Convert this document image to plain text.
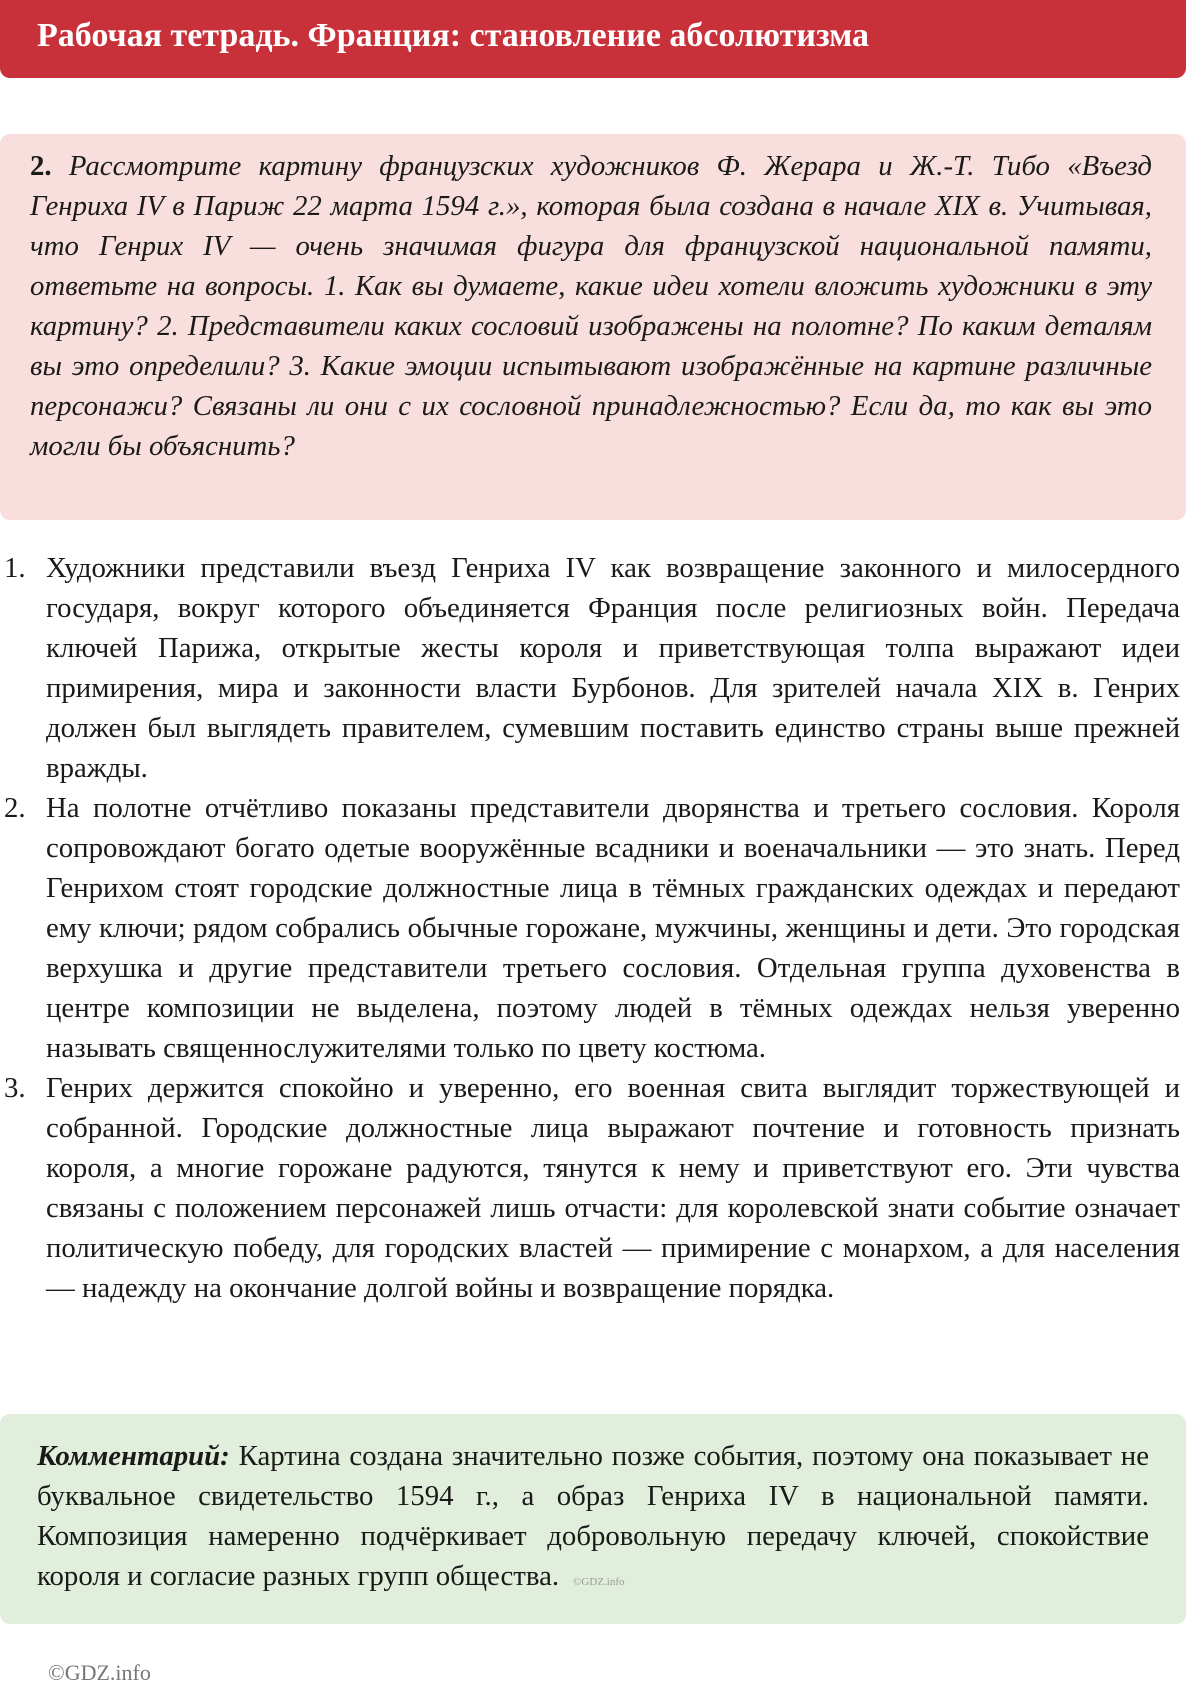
Рабочая тетрадь. Франция: становление абсолютизма
2. Рассмотрите картину французских художников Ф. Жерара и Ж.-Т. Тибо «Въезд Генриха IV в Париж 22 марта 1594 г.», которая была создана в начале XIX в. Учитывая, что Генрих IV — очень значимая фигура для французской национальной памяти, ответьте на вопросы. 1. Как вы думаете, какие идеи хотели вложить художники в эту картину? 2. Представители каких сословий изображены на полотне? По каким деталям вы это определили? 3. Какие эмоции испытывают изображённые на картине различные персонажи? Связаны ли они с их сословной принадлежностью? Если да, то как вы это могли бы объяснить?
1. Художники представили въезд Генриха IV как возвращение законного и милосердного государя, вокруг которого объединяется Франция после религиозных войн. Передача ключей Парижа, открытые жесты короля и приветствующая толпа выражают идеи примирения, мира и законности власти Бурбонов. Для зрителей начала XIX в. Генрих должен был выглядеть правителем, сумевшим поставить единство страны выше прежней вражды.
2. На полотне отчётливо показаны представители дворянства и третьего сословия. Короля сопровождают богато одетые вооружённые всадники и военачальники — это знать. Перед Генрихом стоят городские должностные лица в тёмных гражданских одеждах и передают ему ключи; рядом собрались обычные горожане, мужчины, женщины и дети. Это городская верхушка и другие представители третьего сословия. Отдельная группа духовенства в центре композиции не выделена, поэтому людей в тёмных одеждах нельзя уверенно называть священнослужителями только по цвету костюма.
3. Генрих держится спокойно и уверенно, его военная свита выглядит торжествующей и собранной. Городские должностные лица выражают почтение и готовность признать короля, а многие горожане радуются, тянутся к нему и приветствуют его. Эти чувства связаны с положением персонажей лишь отчасти: для королевской знати событие означает политическую победу, для городских властей — примирение с монархом, а для населения — надежду на окончание долгой войны и возвращение порядка.
Комментарий: Картина создана значительно позже события, поэтому она показывает не буквальное свидетельство 1594 г., а образ Генриха IV в национальной памяти. Композиция намеренно подчёркивает добровольную передачу ключей, спокойствие короля и согласие разных групп общества. ©GDZ.info
©GDZ.info
